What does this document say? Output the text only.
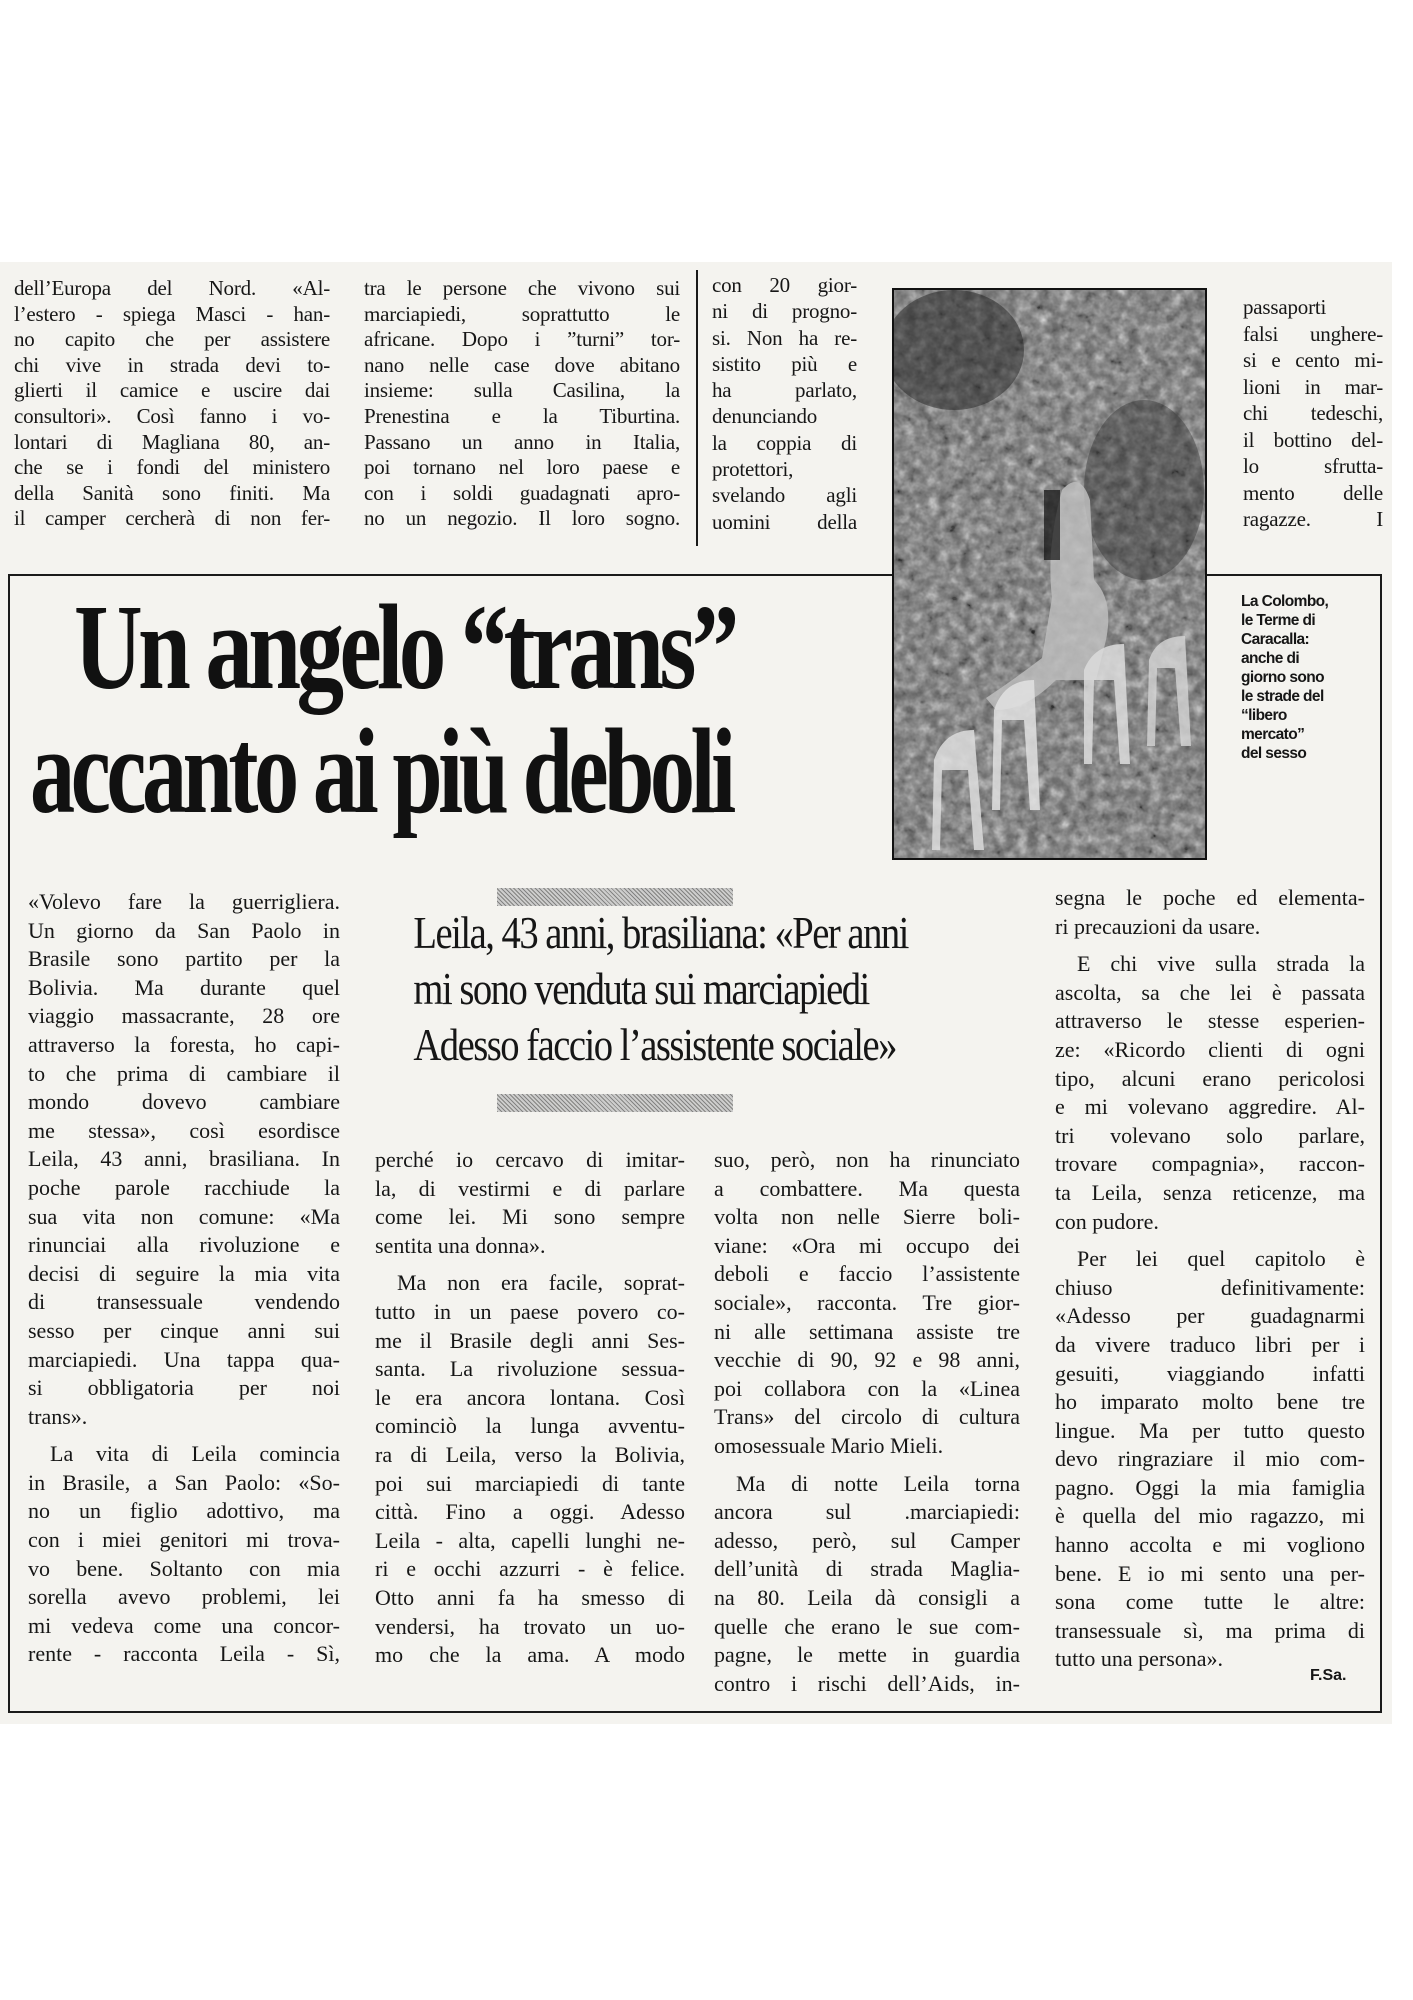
dell’Europa del Nord. «Al-
l’estero - spiega Masci - han-
no capito che per assistere
chi vive in strada devi to-
glierti il camice e uscire dai
consultori». Così fanno i vo-
lontari di Magliana 80, an-
che se i fondi del ministero
della Sanità sono finiti. Ma
il camper cercherà di non fer-
tra le persone che vivono sui
marciapiedi, soprattutto le
africane. Dopo i ”turni” tor-
nano nelle case dove abitano
insieme: sulla Casilina, la
Prenestina e la Tiburtina.
Passano un anno in Italia,
poi tornano nel loro paese e
con i soldi guadagnati apro-
no un negozio. Il loro sogno.
con 20 gior-
ni di progno-
si. Non ha re-
sistito più e
ha parlato,
denunciando
la coppia di
protettori,
svelando agli
uomini della
passaporti
falsi unghere-
si e cento mi-
lioni in mar-
chi tedeschi,
il bottino del-
lo sfrutta-
mento delle
ragazze. I
Un angelo “trans”
accanto ai più deboli
La Colombo,
le Terme di
Caracalla:
anche di
giorno sono
le strade del
“libero
mercato”
del sesso
Leila, 43 anni, brasiliana: «Per anni
mi sono venduta sui marciapiedi
Adesso faccio l’assistente sociale»
«Volevo fare la guerrigliera.
Un giorno da San Paolo in
Brasile sono partito per la
Bolivia. Ma durante quel
viaggio massacrante, 28 ore
attraverso la foresta, ho capi-
to che prima di cambiare il
mondo dovevo cambiare
me stessa», così esordisce
Leila, 43 anni, brasiliana. In
poche parole racchiude la
sua vita non comune: «Ma
rinunciai alla rivoluzione e
decisi di seguire la mia vita
di transessuale vendendo
sesso per cinque anni sui
marciapiedi. Una tappa qua-
si obbligatoria per noi
trans».
La vita di Leila comincia
in Brasile, a San Paolo: «So-
no un figlio adottivo, ma
con i miei genitori mi trova-
vo bene. Soltanto con mia
sorella avevo problemi, lei
mi vedeva come una concor-
rente - racconta Leila - Sì,
perché io cercavo di imitar-
la, di vestirmi e di parlare
come lei. Mi sono sempre
sentita una donna».
Ma non era facile, soprat-
tutto in un paese povero co-
me il Brasile degli anni Ses-
santa. La rivoluzione sessua-
le era ancora lontana. Così
cominciò la lunga avventu-
ra di Leila, verso la Bolivia,
poi sui marciapiedi di tante
città. Fino a oggi. Adesso
Leila - alta, capelli lunghi ne-
ri e occhi azzurri - è felice.
Otto anni fa ha smesso di
vendersi, ha trovato un uo-
mo che la ama. A modo
suo, però, non ha rinunciato
a combattere. Ma questa
volta non nelle Sierre boli-
viane: «Ora mi occupo dei
deboli e faccio l’assistente
sociale», racconta. Tre gior-
ni alle settimana assiste tre
vecchie di 90, 92 e 98 anni,
poi collabora con la «Linea
Trans» del circolo di cultura
omosessuale Mario Mieli.
Ma di notte Leila torna
ancora sul .marciapiedi:
adesso, però, sul Camper
dell’unità di strada Maglia-
na 80. Leila dà consigli a
quelle che erano le sue com-
pagne, le mette in guardia
contro i rischi dell’Aids, in-
segna le poche ed elementa-
ri precauzioni da usare.
E chi vive sulla strada la
ascolta, sa che lei è passata
attraverso le stesse esperien-
ze: «Ricordo clienti di ogni
tipo, alcuni erano pericolosi
e mi volevano aggredire. Al-
tri volevano solo parlare,
trovare compagnia», raccon-
ta Leila, senza reticenze, ma
con pudore.
Per lei quel capitolo è
chiuso definitivamente:
«Adesso per guadagnarmi
da vivere traduco libri per i
gesuiti, viaggiando infatti
ho imparato molto bene tre
lingue. Ma per tutto questo
devo ringraziare il mio com-
pagno. Oggi la mia famiglia
è quella del mio ragazzo, mi
hanno accolta e mi vogliono
bene. E io mi sento una per-
sona come tutte le altre:
transessuale sì, ma prima di
tutto una persona».
F.Sa.
